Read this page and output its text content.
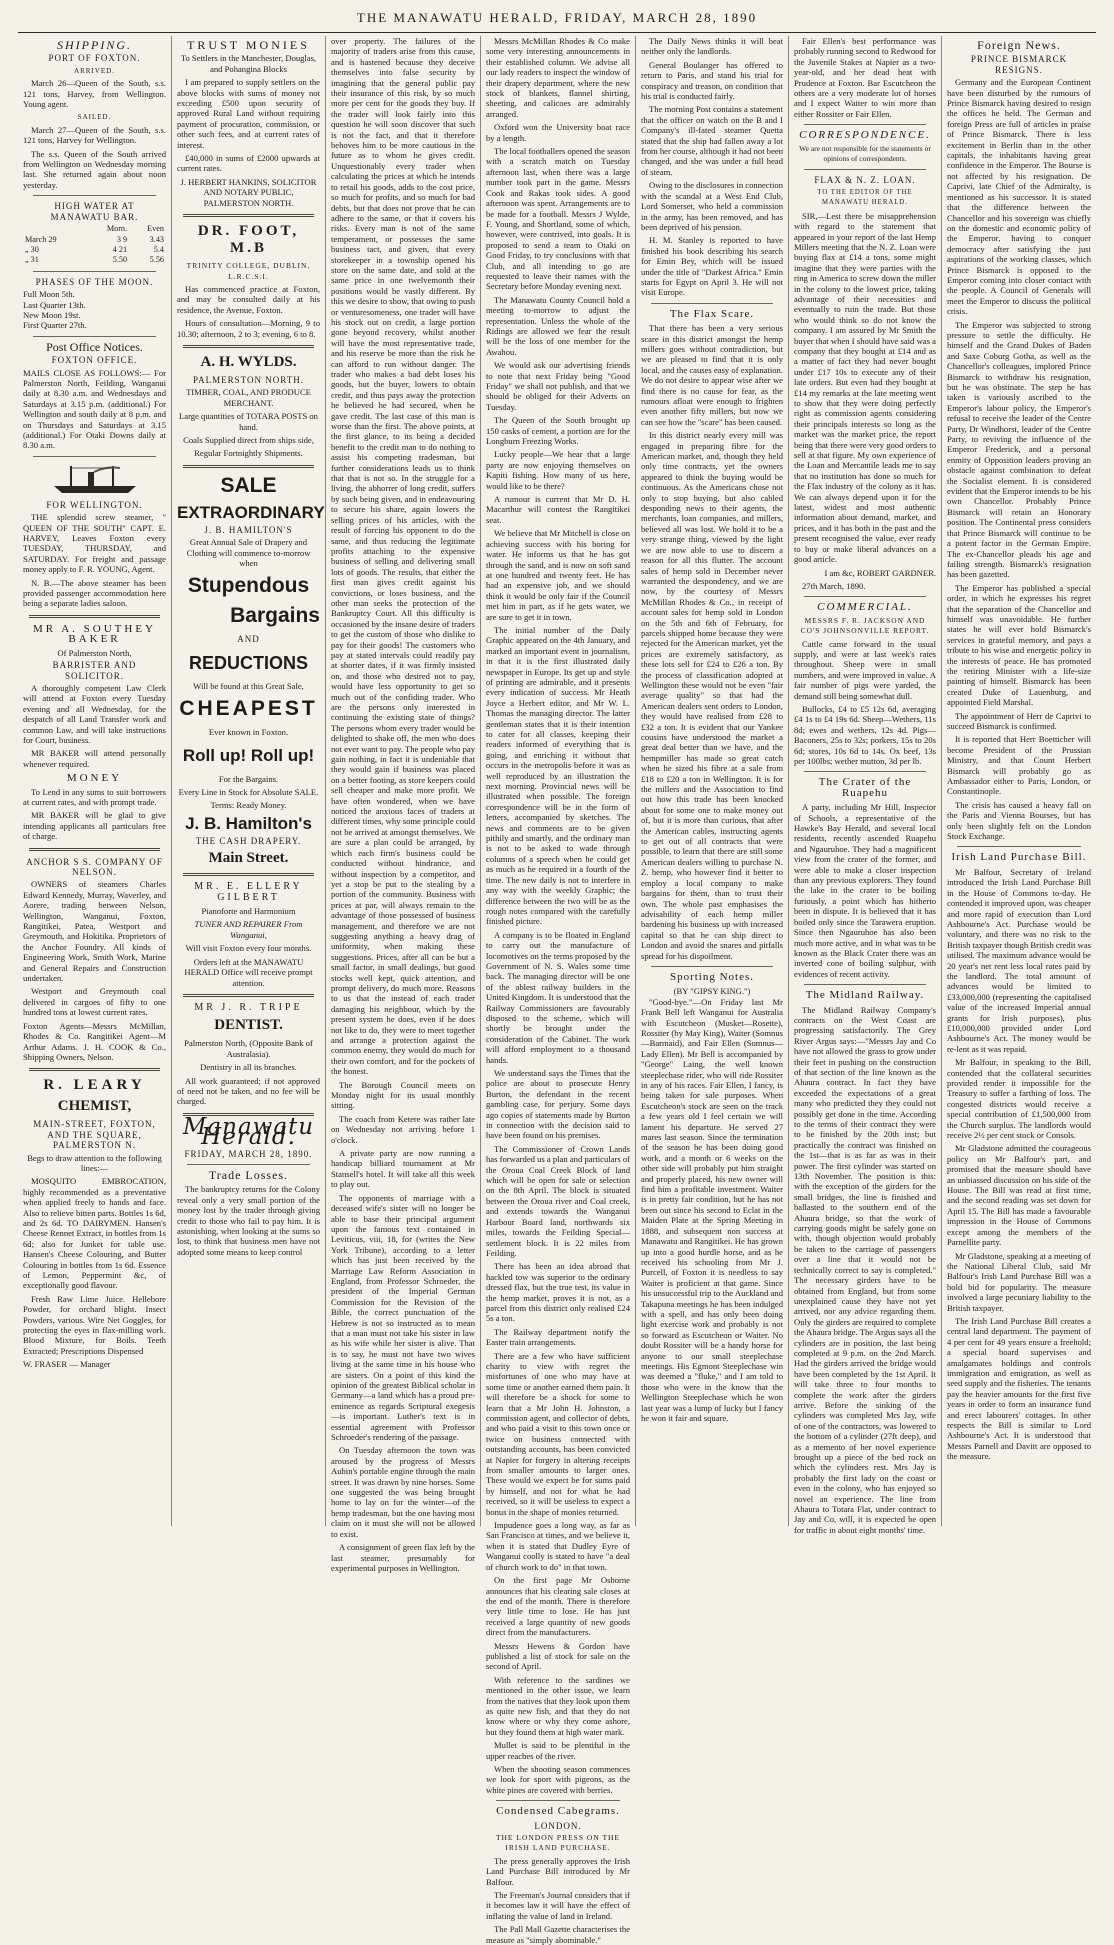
THE MANAWATU HERALD, FRIDAY, MARCH 28, 1890
SHIPPING.
PORT OF FOXTON.
ARRIVED.

March 26—Queen of the South, s.s. 121 tons, Harvey, from Wellington. Young agent.

SAILED.

March 27—Queen of the South, s.s. 121 tons, Harvey for Wellington.

The s.s. Queen of the South arrived from Wellington on Wednesday morning last. She returned again about noon yesterday.

HIGH WATER AT MANAWATU BAR.
	Morn.	Even
March 29	3 9	3.43
„ 30	4 21	5.4
„ 31	5.50	5.56
PHASES OF THE MOON.
Full Moon 5th.
Last Quarter 13th.
New Moon 19st.
First Quarter 27th.
Post Office Notices.
FOXTON OFFICE.

MAILS CLOSE AS FOLLOWS:— For Palmerston North, Feilding, Wanganui daily at 8.30 a.m. and Wednesdays and Saturdays at 3.15 p.m. (additional.) For Wellington and south daily at 8 p.m. and on Thursdays and Saturdays at 3.15 (additional.) For Otaki Downs daily at 8.30 a.m.

FOR WELLINGTON.

THE splendid screw steamer, " QUEEN OF THE SOUTH" CAPT. E. HARVEY, Leaves Foxton every TUESDAY, THURSDAY, and SATURDAY. For freight and passage money apply to F. R. YOUNG, Agent.

N. B.—The above steamer has been provided passenger accommodation here being a separate ladies saloon.

MR A. SOUTHEY BAKER
Of Palmerston North,
BARRISTER AND SOLICITOR.

A thoroughly competent Law Clerk will attend at Foxton every Tuesday evening and all Wednesday, for the despatch of all Land Transfer work and common Law, and will take instructions for Court, business.

MR BAKER will attend personally whenever required.

MONEY

To Lend in any sums to suit borrowers at current rates, and with prompt trade.

MR BAKER will be glad to give intending applicants all particulars free of charge.

ANCHOR S S. COMPANY OF NELSON.

OWNERS of steamers Charles Edward Kennedy, Murray, Waverley, and Aorere, trading between Nelson, Wellington, Wanganui, Foxton, Rangitikei, Patea, Westport and Greymouth, and Hokitika. Proprietors of the Anchor Foundry. All kinds of Engineering Work, Smith Work, Marine and General Repairs and Construction undertaken.

Westport and Greymouth coal delivered in cargoes of fifty to one hundred tons at lowest current rates.

Foxton Agents—Messrs McMillan, Rhodes & Co. Rangitikei Agent—M Arthur Adams. J. H. COOK & Co., Shipping Owners, Nelson.

R. LEARY
CHEMIST,
MAIN-STREET, FOXTON, AND THE SQUARE, PALMERSTON N.

Begs to draw attention to the following lines:—

MOSQUITO EMBROCATION, highly recommended as a preventative when applied freely to hands and face. Also to relieve bitten parts. Bottles 1s 6d, and 2s 6d. TO DAIRYMEN. Hansen's Cheese Rennet Extract, in bottles from 1s 6d; also for Junket for table use. Hansen's Cheese Colouring, and Butter Colouring in bottles from 1s 6d. Essence of Lemon, Peppermint &c, of exceptionally good flavour.

Fresh Raw Lime Juice. Hellebore Powder, for orchard blight. Insect Powders, various. Wire Net Goggles, for protecting the eyes in flax-milling work. Blood Mixture, for Boils. Teeth Extracted; Prescriptions Dispensed

W. FRASER — Manager

TRUST MONIES

To Settlers in the Manchester, Douglas, and Pohangina Blocks

I am prepared to supply settlers on the above blocks with sums of money not exceeding £500 upon security of approved Rural Land without requiring payment of procuration, commission, or other such fees, and at current rates of interest.

£40,000 in sums of £2000 upwards at current rates.

J. HERBERT HANKINS, SOLICITOR AND NOTARY PUBLIC, PALMERSTON NORTH.

DR. FOOT, M.B
TRINITY COLLEGE, DUBLIN, L.R.C.S.I.

Has commenced practice at Foxton, and may be consulted daily at his residence, the Avenue, Foxton.

Hours of consultation—Morning, 9 to 10.30; afternoon, 2 to 3; evening, 6 to 8.

A. H. WYLDS.
PALMERSTON NORTH.

TIMBER, COAL, AND PRODUCE MERCHANT.

Large quantities of TOTARA POSTS on hand.

Coals Supplied direct from ships side,

Regular Fortnightly Shipments.

SALE
EXTRAORDINARY
J. B. HAMILTON'S

Great Annual Sale of Drapery and Clothing will commence to-morrow when

Stupendous
Bargains
AND
REDUCTIONS

Will be found at this Great Sale,

CHEAPEST

Ever known in Foxton.

Roll up! Roll up!

For the Bargains.

Every Line in Stock for Absolute SALE.

Terms: Ready Money.

J. B. Hamilton's
THE CASH DRAPERY.
Main Street.
MR. E. ELLERY GILBERT

Pianoforte and Harmonium

TUNER AND REPAIRER From Wanganui,

Will visit Foxton every four months.

Orders left at the MANAWATU HERALD Office will receive prompt attention.

MR J. R. TRIPE
DENTIST.

Palmerston North, (Opposite Bank of Australasia).

Dentistry in all its branches.

All work guaranteed; if not approved of need not be taken, and no fee will be charged.

Manawatu Herald.
FRIDAY, MARCH 28, 1890.
Trade Losses.

The bankruptcy returns for the Colony reveal only a very small portion of the money lost by the trader through giving credit to those who fail to pay him. It is astonishing, when looking at the sums so lost, to think that business men have not adopted some means to keep control

over property. The failures of the majority of traders arise from this cause, and is hastened because they deceive themselves into false security by imagining that the general public pay their insurance of this risk, by so much more per cent for the goods they buy. If the trader will look fairly into this question he will soon discover that such is not the fact, and that it therefore behoves him to be more cautious in the future as to whom he gives credit. Unquestionably every trader when calculating the prices at which he intends to retail his goods, adds to the cost price, so much for profits, and so much for bad debts, but that does not prove that he can adhere to the same, or that it covers his risks. Every man is not of the same temperament, or possesses the same business tact, and given, that every storekeeper in a township opened his store on the same date, and sold at the same price in one twelvemonth their positions would be vastly different. By this we desire to show, that owing to push or venturesomeness, one trader will have his stock out on credit, a large portion gone beyond recovery, whilst another will have the most representative trade, and his reserve be more than the risk he can afford to run without danger. The trader who makes a bad debt loses his goods, but the buyer, lowers to obtain credit, and thus pays away the protection he believed he had secured, when he gave credit. The last case of this man is worse than the first. The above points, at the first glance, to its being a decided benefit to the credit man to do nothing to assist his competing tradesman, but further considerations leads us to think that that is not so. In the struggle for a living, the abhorrer of long credit, suffers by such being given, and in endeavouring to secure his share, again lowers the selling prices of his articles, with the result of forcing his opponent to do the same, and thus reducing the legitimate profits attaching to the expensive business of selling and delivering small lots of goods. The results, that either the first man gives credit against his convictions, or loses business, and the other man seeks the protection of the Bankruptcy Court. All this difficulty is occasioned by the insane desire of traders to get the custom of those who dislike to pay for their goods! The customers who pay at stated intervals could readily pay at shorter dates, if it was firmly insisted on, and those who desired not to pay, would have less opportunity to get so much out of the confiding trader. Who are the persons only interested in continuing the existing state of things? The persons whom every trader would be delighted to shake off, the men who does not ever want to pay. The people who pay gain nothing, in fact it is undeniable that they would gain if business was placed on a better footing, as store keepers could sell cheaper and make more profit. We have often wondered, when we have noticed the anxious faces of traders at different times, why some principle could not be arrived at amongst themselves. We are sure a plan could be arranged, by which each firm's business could be conducted without hindrance, and without inspection by a competitor, and yet a stop be put to the stealing by a portion of the community. Business with prices at par, will always remain to the advantage of those possessed of business management, and therefore we are not suggesting anything a heavy drag of uniformity, when making these suggestions. Prices, after all can be but a small factor, in small dealings, but good stocks well kept, quick attention, and prompt delivery, do much more. Reasons to us that the instead of each trader damaging his neighbour, which by the present system he does, even if he does not like to do, they were to meet together and arrange a protection against the common enemy, they would do much for their own comfort, and for the pockets of the honest.

The Borough Council meets on Monday night for its usual monthly sitting.

The coach from Ketere was rather late on Wednesday not arriving before 1 o'clock.

A private party are now running a handicap billiard tournament at Mr Stansell's hotel. It will take all this week to play out.

The opponents of marriage with a deceased wife's sister will no longer be able to base their principal argument upon the famous text contained in Leviticus, viii, 18, for (writes the New York Tribune), according to a letter which has just been received by the Marriage Law Reform Association in England, from Professor Schroeder, the president of the Imperial German Commission for the Revision of the Bible, the correct punctuation of the Hebrew is not so instructed as to mean that a man must not take his sister in law as his wife while her sister is alive. That is to say, he must not have two wives living at the same time in his house who are sisters. On a point of this kind the opinion of the greatest Biblical scholar in Germany—a land which has a proud pre-eminence as regards Scriptural exegesis—is important. Luther's text is in essential agreement with Professor Schroeder's rendering of the passage.

On Tuesday afternoon the town was aroused by the progress of Messrs Aubin's portable engine through the main street. It was drawn by nine horses. Some one suggested the was being brought home to lay on for the winter—of the hemp tradesman, but the one having most claim on it must she will not be allowed to exist.

A consignment of green flax left by the last steamer, presumably for experimental purposes in Wellington.

Messrs McMillan Rhodes & Co make some very interesting announcements in their established column. We advise all our lady readers to inspect the window of their drapery department, where the new stock of blankets, flannel shirting, sheeting, and calicoes are admirably arranged.

Oxford won the University boat race by a length.

The local footballers opened the season with a scratch match on Tuesday afternoon last, when there was a large number took part in the game. Messrs Cook and Rakas took sides. A good afternoon was spent. Arrangements are to be made for a football. Messrs J Wylde, F. Young, and Shortland, some of which, however, were contrived, into goals. It is proposed to send a team to Otaki on Good Friday, to try conclusions with that Club, and all intending to go are requested to leave their names with the Secretary before Monday evening next.

The Manawatu County Council hold a meeting to-morrow to adjust the representation. Unless the whole of the Ridings are allowed we fear the result will be the loss of one member for the Awahou.

We would ask our advertising friends to note that next Friday being "Good Friday" we shall not publish, and that we should be obliged for their Adverts on Tuesday.

The Queen of the South brought up 150 casks of cement, a portion are for the Longburn Freezing Works.

Lucky people—We hear that a large party are now enjoying themselves on Kapiti fishing. How many of us here, would like to be there?

A rumour is current that Mr D. H. Macarthur will contest the Rangitikei seat.

We believe that Mr Mitchell is close on achieving success with his boring for water. He informs us that he has got through the sand, and is now on soft sand at one hundred and twenty feet. He has had an expensive job, and we should think it would be only fair if the Council met him in part, as if he gets water, we are sure to get it in town.

The initial number of the Daily Graphic appeared on the 4th January, and marked an important event in journalism, in that it is the first illustrated daily newspaper in Europe. Its get up and style of printing are admirable, and it presents every indication of success. Mr Heath Joyce a Herbert editor, and Mr W. L. Thomas the managing director. The latter gentleman states that it is their intention to cater for all classes, keeping their readers informed of everything that is going, and enriching it without that occurs in the metropolis before it was as well reproduced by an illustration the next morning. Provincial news will be illustrated when possible. The foreign correspondence will be in the form of letters, accompanied by sketches. The news and comments are to be given pithily and smartly, and the ordinary man is not to be asked to wade through columns of a speech when he could get as much as he required in a fourth of the time. The new daily is not to interfere in any way with the weekly Graphic; the difference between the two will be as the rough notes compared with the carefully finished picture.

A company is to be floated in England to carry out the manufacture of locomotives on the terms proposed by the Government of N. S. Wales some time back. The managing director will be one of the ablest railway builders in the United Kingdom. It is understood that the Railway Commissioners are favourably disposed to the scheme, which will shortly be brought under the consideration of the Cabinet. The work will afford employment to a thousand hands.

We understand says the Times that the police are about to prosecute Henry Burton, the defendant in the recent gambling case, for perjury. Some days ago copies of statements made by Burton in connection with the decision said to have been found on his premises.

The Commissioner of Crown Lands has forwarded us a plan and particulars of the Oroua Coal Creek Block of land which will be open for sale or selection on the 8th April. The block is situated between the Oroua river and Coal creek, and extends towards the Wanganui Harbour Board land, northwards six miles, towards the Feilding Special—settlement block. It is 22 miles from Feilding.

There has been an idea abroad that hackled tow was superior to the ordinary dressed flax, but the true test, its value in the hemp market, proves it is not, as a parcel from this district only realised £24 5s a ton.

The Railway department notify the Easter train arrangements.

There are a few who have sufficient charity to view with regret the misfortunes of one who may have at some time or another earned them pain. It will therefore be a shock for some to learn that a Mr John H. Johnston, a commission agent, and collector of debts, and who paid a visit to this town once or twice on business connected with outstanding accounts, has been convicted at Napier for forgery in altering receipts from smaller amounts to larger ones. These would we expect be for sums paid by himself, and not for what he had received, so it will be useless to expect a bonus in the shape of monies returned.

Impudence goes a long way, as far as San Francisco at times, and we believe it, when it is stated that Dudley Eyre of Wanganui coolly is stated to have "a deal of church work to do" in that town.

On the first page Mr Osborne announces that his clearing sale closes at the end of the month. There is therefore very little time to lose. He has just received a large quantity of new goods direct from the manufacturers.

Messrs Hewens & Gordon have published a list of stock for sale on the second of April.

With reference to the sardines we mentioned in the other issue, we learn from the natives that they look upon them as quite new fish, and that they do not know where or why they come ashore, but they found them at high water mark.

Mullet is said to be plentiful in the upper reaches of the river.

When the shooting season commences we look for sport with pigeons, as the white pines are covered with berries.

Condensed Cabegrams.
LONDON.
THE LONDON PRESS ON THE IRISH LAND PURCHASE.

The press generally approves the Irish Land Purchase Bill introduced by Mr Balfour.

The Freeman's Journal considers that if it becomes law it will have the effect of inflating the value of land in Ireland.

The Pall Mall Gazette characterises the measure as "simply abominable."

The Daily News thinks it will beat neither only the landlords.

General Boulanger has offered to return to Paris, and stand his trial for conspiracy and treason, on condition that his trial is conducted fairly.

The morning Post contains a statement that the officer on watch on the B and I Company's ill-fated steamer Quetta stated that the ship had fallen away a lot from her course, although it had not been changed, and she was under a full head of steam.

Owing to the disclosures in connection with the scandal at a West End Club, Lord Somerset, who held a commission in the army, has been removed, and has been deprived of his pension.

H. M. Stanley is reported to have finished his book describing his search for Emin Bey, which will be issued under the title of "Darkest Africa." Emin starts for Egypt on April 3. He will not visit Europe.

The Flax Scare.

That there has been a very serious scare in this district amongst the hemp millers goes without contradiction, but we are pleased to find that it is only local, and the causes easy of explanation. We do not desire to appear wise after we find there is no cause for fear, as the rumours afloat were enough to frighten even another fifty millers, but now we can see how the "scare" has been caused.

In this district nearly every mill was engaged in preparing fibre for the American market, and, though they held only time contracts, yet the owners appeared to think the buying would be continuous. As the Americans chose not only to stop buying, but also cabled desponding news to their agents, the merchants, loan companies, and millers, believed all was lost. We hold it to be a very strange thing, viewed by the light we are now able to use to discern a reason for all this flutter. The account sales of hemp sold in December never warranted the despondency, and we are now, by the courtesy of Messrs McMillan Rhodes & Co., in receipt of account sales for hemp sold in London on the 5th and 6th of February, for parcels shipped home because they were rejected for the American market, yet the prices are extremely satisfactory, as these lots sell for £24 to £26 a ton. By the process of classification adopted at Wellington these would not be even "fair average quality" so that had the American dealers sent orders to London, they would have realised from £28 to £32 a ton. It is evident that our Yankee cousins have understood the market a great deal better than we have, and the hempmiller has made so great catch when he sized his fibre at a sale from £18 to £20 a ton in Wellington. It is for the millers and the Association to find out how this trade has been knocked about for some one to make money out of, but it is more than curious, that after the American cables, instructing agents to get out of all contracts that were possible, to learn that there are still some American dealers willing to purchase N. Z. hemp, who however find it better to employ a local company to make bargains for them, than to trust their own. The whole past emphasises the advisability of each hemp miller bardening his business up with increased capital so that he can ship direct to London and avoid the snares and pitfalls spread for his dispoilment.

Sporting Notes.
(BY "GIPSY KING.")

"Good-bye."—On Friday last Mr Frank Bell left Wanganui for Australia with Escutcheon (Musket—Rosette), Rossiter (by May King), Waiter (Somnus—Barmaid), and Fair Ellen (Somnus—Lady Ellen). Mr Bell is accompanied by "George" Laing, the well known steeplechase rider, who will ride Rossiter in any of his races. Fair Ellen, I fancy, is being taken for sale purposes. When Escutcheon's stock are seen on the track a few years old I feel certain we will lament his departure. He served 27 mares last season. Since the termination of the season he has been doing good work, and a month or 6 weeks on the other side will probably put him straight and properly placed, his new owner will find him a profitable investment. Waiter is in pretty fair condition, but he has not been out since his second to Eclat in the Maiden Plate at the Spring Meeting in 1888, and subsequent non success at Manawatu and Rangitikei. He has grown up into a good hurdle horse, and as he received his schooling from Mr J. Purcell, of Foxton it is needless to say Waiter is proficient at that game. Since his unsuccessful trip to the Auckland and Takapuna meetings he has been indulged with a spell, and has only been doing light exercise work and probably is not so forward as Escutcheon or Waiter. No doubt Rossiter will be a handy horse for anyone to our small steeplechase meetings. His Egmont Steeplechase win was deemed a "fluke," and I am told to those who were in the know that the Wellington Steeplechase which he won last year was a lump of lucky but I fancy he won it fair and square.

Fair Ellen's best performance was probably running second to Redwood for the Juvenile Stakes at Napier as a two-year-old, and her dead heat with Prudence at Foxton. Bar Escutcheon the others are a very moderate lot of horses and I expect Waiter to win more than either Rossiter or Fair Ellen.

CORRESPONDENCE.

We are not responsible for the statements or opinions of correspondents.

FLAX & N. Z. LOAN.
TO THE EDITOR OF THE MANAWATU HERALD.

SIR,—Lest there be misapprehension with regard to the statement that appeared in your report of the last Hemp Millers meeting that the N. Z. Loan were buying flax at £14 a tons, some might imagine that they were parties with the ring in America to screw down the miller in the colony to the lowest price, taking advantage of their necessities and eventually to ruin the trade. But those who would think so do not know the company. I am assured by Mr Smith the buyer that when I should have said was a company that they bought at £14 and as a matter of fact they had never bought under £17 10s to execute any of their late orders. But even had they bought at £14 my remarks at the late meeting went to show that they were doing perfectly right as commission agents considering their principals interests so long as the market was the market price, the report being that there were very good orders to sell at that figure. My own experience of the Loan and Mercantile leads me to say that no institution has done so much for the Flax industry of the colony as it has. We can always depend upon it for the latest, widest and most authentic information about demand, market, and prices, and it has both in the past and the present recognised the value, ever ready to buy or make liberal advances on a good article.

I am &c, ROBERT GARDNER.

27th March, 1890.

COMMERCIAL.
MESSRS F. R. JACKSON AND CO'S JOHNSONVILLE REPORT.

Cattle came forward in the usual supply, and were at last week's rates throughout. Sheep were in small numbers, and were improved in value. A fair number of pigs were yarded, the demand still being somewhat dull.

Bullocks, £4 to £5 12s 6d, averaging £4 1s to £4 19s 6d. Sheep—Wethers, 11s 8d; ewes and wethers, 12s 4d. Pigs—Baconers, 25s to 32s; porkers, 15s to 20s 6d; stores, 10s 6d to 14s. Ox beef, 13s per 100lbs; wether mutton, 3d per lb.

The Crater of the Ruapehu

A party, including Mr Hill, Inspector of Schools, a representative of the Hawke's Bay Herald, and several local residents, recently ascended Ruapehu and Ngauruhoe. They had a magnificent view from the crater of the former, and were able to make a closer inspection than any previous explorers. They found the lake in the crater to be boiling furiously, a point which has hitherto been in dispute. It is believed that it has boiled only since the Tarawera eruption. Since then Ngauruhoe has also been much more active, and in what was to be known as the Black Crater there was an inverted cone of boiling sulphur, with evidences of recent activity.

The Midland Railway.

The Midland Railway Company's contracts on the West Coast are progressing satisfactorily. The Grey River Argus says:—"Messrs Jay and Co have not allowed the grass to grow under their feet in pushing on the construction of that section of the line known as the Ahaura contract. In fact they have exceeded the expectations of a great many who predicted they they could not possibly get done in the time. According to the terms of their contract they were to be finished by the 20th inst; but practically the contract was finished on the 1st—that is as far as was in their power. The first cylinder was started on 13th November. The position is this: with the exception of the girders for the small bridges, the line is finished and ballasted to the southern end of the Ahaura bridge, so that the work of carrying goods might be safely gone on with, though objection would probably be taken to the carriage of passengers over a line that it would not be technically correct to say is completed." The necessary girders have to be obtained from England, but from some unexplained cause they have not yet arrived, nor any advice regarding them. Only the girders are required to complete the Ahaura bridge. The Argus says all the cylinders are in position, the last being completed at 9 p.m. on the 2nd March. Had the girders arrived the bridge would have been completed by the 1st April. It will take three to four months to complete the work after the girders arrive. Before the sinking of the cylinders was completed Mrs Jay, wife of one of the contractors, was lowered to the bottom of a cylinder (27ft deep), and as a memento of her novel experience brought up a piece of the bed rock on which the cylinders rest. Mrs Jay is probably the first lady on the coast or even in the colony, who has enjoyed so novel an experience. The line from Ahaura to Totara Flat, under contract to Jay and Co, will, it is expected be open for traffic in about eight months' time.

Foreign News.
PRINCE BISMARCK RESIGNS.

Germany and the European Continent have been disturbed by the rumours of Prince Bismarck having desired to resign the offices he held. The German and foreign Press are full of articles in praise of Prince Bismarck. There is less excitement in Berlin than in the other capitals, the inhabitants having great confidence in the Emperor. The Bourse is not affected by his resignation. De Caprivi, late Chief of the Admiralty, is mentioned as his successor. It is stated that the difference between the Chancellor and his sovereign was chiefly on the domestic and economic policy of the Emperor, having to conquer democracy after satisfying the just aspirations of the working classes, which Prince Bismarck is opposed to the Emperor coming into closer contact with the people. A Council of Generals will meet the Emperor to discuss the political crisis.

The Emperor was subjected to strong pressure to settle the difficulty. He himself and the Grand Dukes of Baden and Saxe Coburg Gotha, as well as the Chancellor's colleagues, implored Prince Bismarck to withdraw his resignation, but he was obstinate. The step he has taken is variously ascribed to the Emperor's labour policy, the Emperor's refusal to receive the leader of the Centre Party, Dr Windhorst, leader of the Centre Party, to reviving the influence of the Emperor Frederick, and a personal enmity of Opposition leaders proving an obstacle against combination to defeat the Socialist element. It is considered evident that the Emperor intends to be his own Chancellor. Probably Prince Bismarck will retain an Honorary position. The Continental press considers that Prince Bismarck will continue to be a potent factor in the German Empire. The ex-Chancellor pleads his age and failing strength. Bismarck's resignation has been gazetted.

The Emperor has published a special order, in which he expresses his regret that the separation of the Chancellor and himself was unavoidable. He further states he will ever hold Bismarck's services in grateful memory, and pays a tribute to his wise and energetic policy in the interests of peace. He has promoted the retiring Minister with a life-size painting of himself. Bismarck has been created Duke of Lauenburg, and appointed Field Marshal.

The appointment of Herr de Caprivi to succeed Bismarck is confirmed.

It is reported that Herr Boetticher will become President of the Prussian Ministry, and that Count Herbert Bismarck will probably go as Ambassador either to Paris, London, or Constantinople.

The crisis has caused a heavy fall on the Paris and Vienna Bourses, but has only been slightly felt on the London Stock Exchange.

Irish Land Purchase Bill.

Mr Balfour, Secretary of Ireland introduced the Irish Land Purchase Bill in the House of Commons to-day. He contended it improved upon, was cheaper and more rapid of execution than Lord Ashbourne's Act. Purchase would be voluntary, and there was no risk to the British taxpayer though British credit was utilised. The maximum advance would be 20 year's net rent less local rates paid by the landlord. The total amount of advances would be limited to £33,000,000 (representing the capitalised value of the increased Imperial annual grants for Irish purposes), plus £10,000,000 provided under Lord Ashbourne's Act. The money would be re-lent as it was repaid.

Mr Balfour, in speaking to the Bill, contended that the collateral securities provided render it impossible for the Treasury to suffer a farthing of loss. The congested districts would receive a special contribution of £1,500,000 from the Church surplus. The landlords would receive 2½ per cent stock or Consols.

Mr Gladstone admitted the courageous policy on Mr Balfour's part, and promised that the measure should have an unbiassed discussion on his side of the House. The Bill was read at first time, and the second reading was set down for April 15. The Bill has made a favourable impression in the House of Commons except among the members of the Parnellite party.

Mr Gladstone, speaking at a meeting of the National Liberal Club, said Mr Balfour's Irish Land Purchase Bill was a bold bid for popularity. The measure involved a large pecuniary liability to the British taxpayer.

The Irish Land Purchase Bill creates a central land department. The payment of 4 per cent for 49 years ensure a freehold; a special board supervises and amalgamates holdings and controls immigration and emigration, as well as seed supply and the fisheries. The tenants pay the heavier amounts for the first five years in order to form an insurance fund and erect labourers' cottages. In other respects the Bill is similar to Lord Ashbourne's Act. It is understood that Messrs Parnell and Davitt are opposed to the measure.
